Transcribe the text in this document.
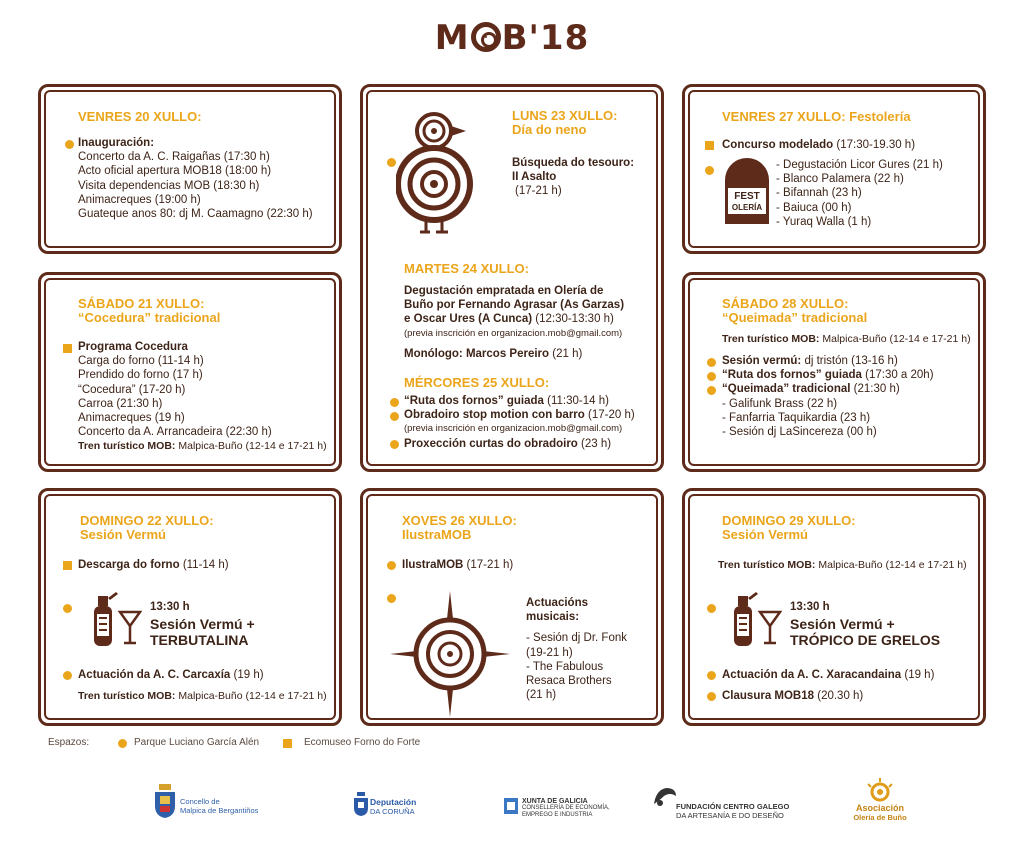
M B'18
VENRES 20 XULLO:
Inauguración:
Concerto da A. C. Raigañas (17:30 h)
Acto oficial apertura MOB18 (18:00 h)
Visita dependencias MOB (18:30 h)
Animacreques (19:00 h)
Guateque anos 80: dj M. Caamagno (22:30 h)
LUNS 23 XULLO:
Día do neno
Búsqueda do tesouro:
II Asalto
(17-21 h)
MARTES 24 XULLO:
Degustación empratada en Olería de
Buño por Fernando Agrasar (As Garzas)
e Oscar Ures (A Cunca) (12:30-13:30 h)
(previa inscrición en organizacion.mob@gmail.com)
Monólogo: Marcos Pereiro (21 h)
MÉRCORES 25 XULLO:
“Ruta dos fornos” guiada (11:30-14 h)
Obradoiro stop motion con barro (17-20 h)
(previa inscrición en organizacion.mob@gmail.com)
Proxección curtas do obradoiro (23 h)
VENRES 27 XULLO: Festolería
Concurso modelado (17:30-19.30 h)
FEST
OLERÍA
- Degustación Licor Gures (21 h)
- Blanco Palamera (22 h)
- Bifannah (23 h)
- Baiuca (00 h)
- Yuraq Walla (1 h)
SÁBADO 21 XULLO:
“Cocedura” tradicional
Programa Cocedura
Carga do forno (11-14 h)
Prendido do forno (17 h)
“Cocedura” (17-20 h)
Carroa (21:30 h)
Animacreques (19 h)
Concerto da A. Arrancadeira (22:30 h)
Tren turístico MOB: Malpica-Buño (12-14 e 17-21 h)
SÁBADO 28 XULLO:
“Queimada” tradicional
Tren turístico MOB: Malpica-Buño (12-14 e 17-21 h)
Sesión vermú: dj tristón (13-16 h)
“Ruta dos fornos” guiada (17:30 a 20h)
“Queimada” tradicional (21:30 h)
- Galifunk Brass (22 h)
- Fanfarria Taquikardia (23 h)
- Sesión dj LaSincereza (00 h)
DOMINGO 22 XULLO:
Sesión Vermú
Descarga do forno (11-14 h)
13:30 h
Sesión Vermú +
TERBUTALINA
Actuación da A. C. Carcaxía (19 h)
Tren turístico MOB: Malpica-Buño (12-14 e 17-21 h)
XOVES 26 XULLO:
IlustraMOB
IlustraMOB (17-21 h)
Actuacións
musicais:
- Sesión dj Dr. Fonk
(19-21 h)
- The Fabulous
Resaca Brothers
(21 h)
DOMINGO 29 XULLO:
Sesión Vermú
Tren turístico MOB: Malpica-Buño (12-14 e 17-21 h)
13:30 h
Sesión Vermú +
TRÓPICO DE GRELOS
Actuación da A. C. Xaracandaina (19 h)
Clausura MOB18 (20.30 h)
Espazos:	Parque Luciano García Alén	Ecomuseo Forno do Forte
Concello de
Malpica de Bergantiños
Deputación
DA CORUÑA
XUNTA DE GALICIA
CONSELLERÍA DE ECONOMÍA,
EMPREGO E INDUSTRIA
FUNDACIÓN CENTRO GALEGO
DA ARTESANÍA E DO DESEÑO
Asociación
Olería de Buño
